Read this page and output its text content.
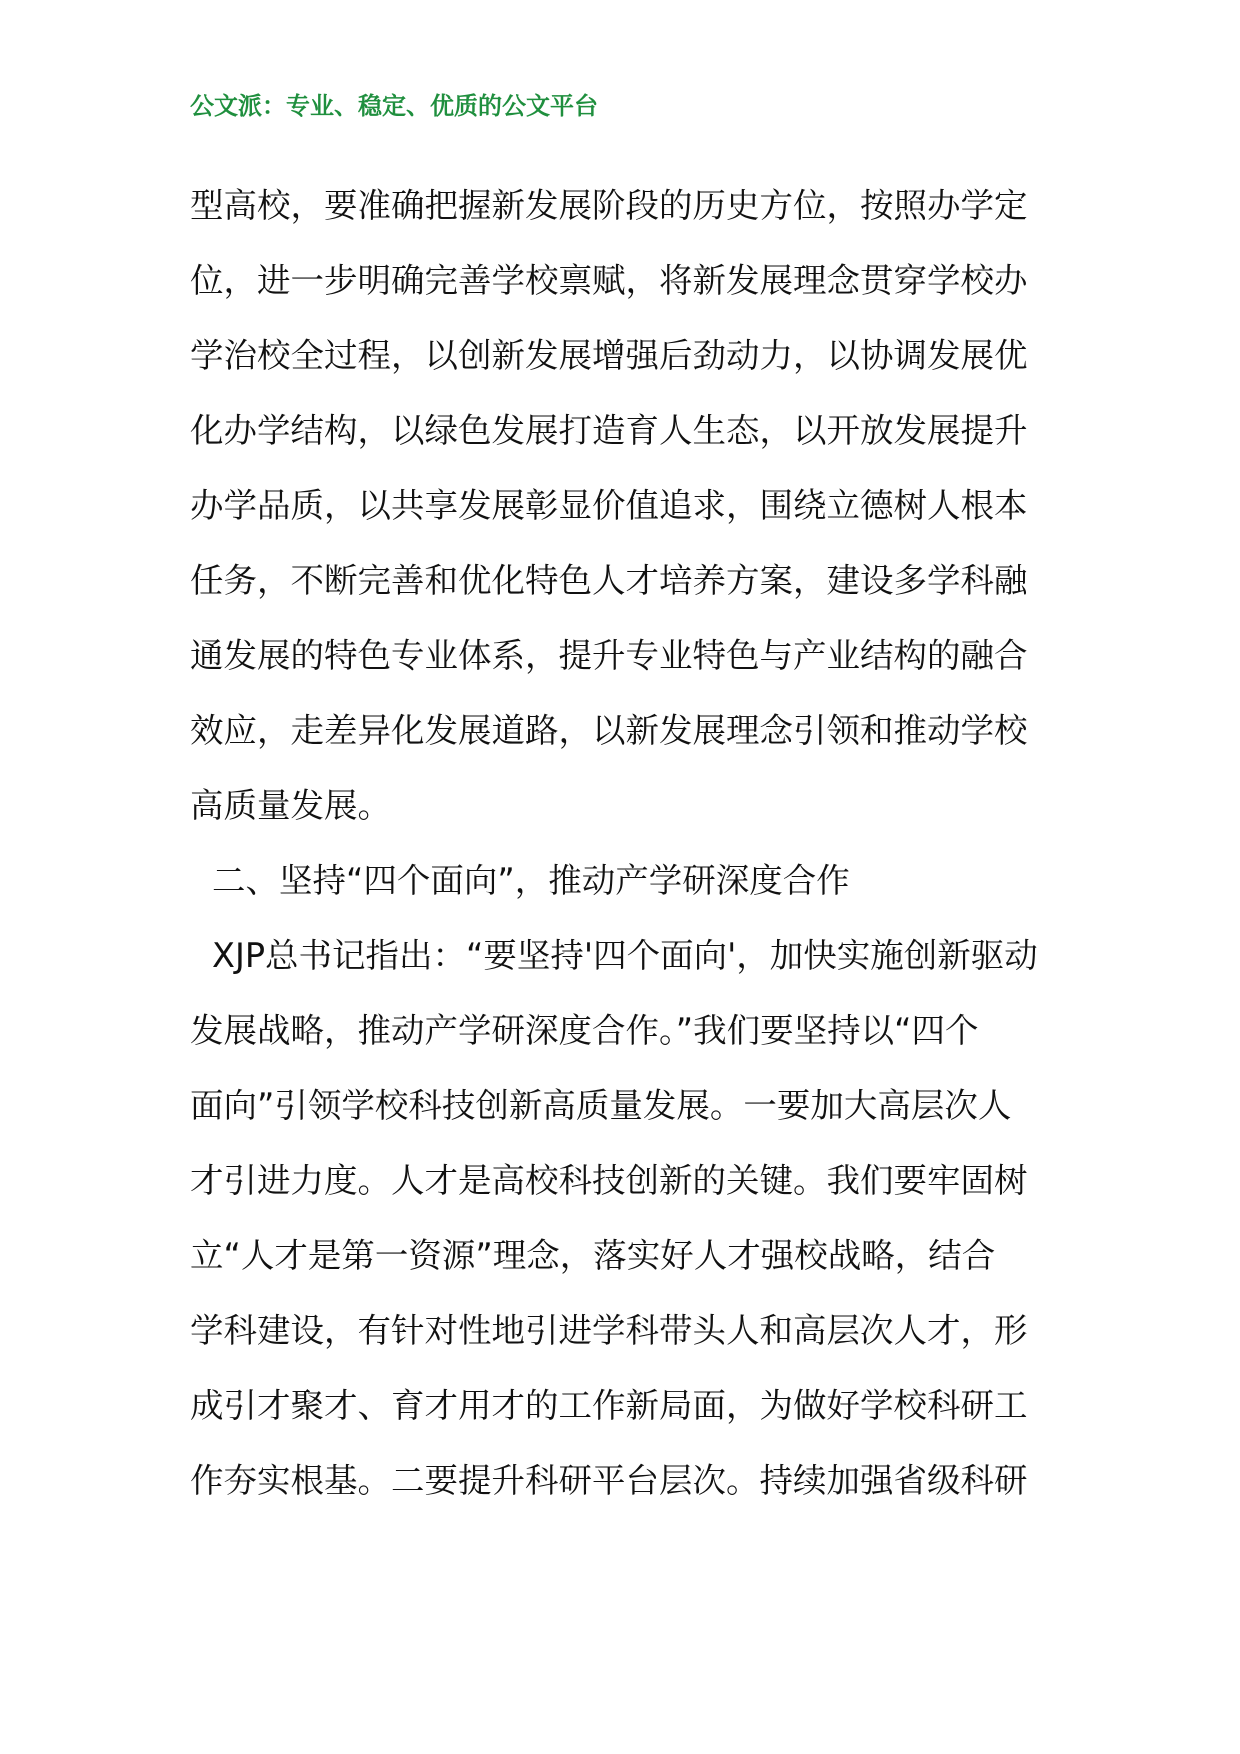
公文派：专业、稳定、优质的公文平台
型高校，要准确把握新发展阶段的历史方位，按照办学定
位，进一步明确完善学校禀赋，将新发展理念贯穿学校办
学治校全过程，以创新发展增强后劲动力，以协调发展优
化办学结构，以绿色发展打造育人生态，以开放发展提升
办学品质，以共享发展彰显价值追求，围绕立德树人根本
任务，不断完善和优化特色人才培养方案，建设多学科融
通发展的特色专业体系，提升专业特色与产业结构的融合
效应，走差异化发展道路，以新发展理念引领和推动学校
高质量发展。
二、坚持“四个面向”，推动产学研深度合作
XJP总书记指出：“要坚持'四个面向'，加快实施创新驱动
发展战略，推动产学研深度合作。”我们要坚持以“四个
面向”引领学校科技创新高质量发展。一要加大高层次人
才引进力度。人才是高校科技创新的关键。我们要牢固树
立“人才是第一资源”理念，落实好人才强校战略，结合
学科建设，有针对性地引进学科带头人和高层次人才，形
成引才聚才、育才用才的工作新局面，为做好学校科研工
作夯实根基。二要提升科研平台层次。持续加强省级科研
